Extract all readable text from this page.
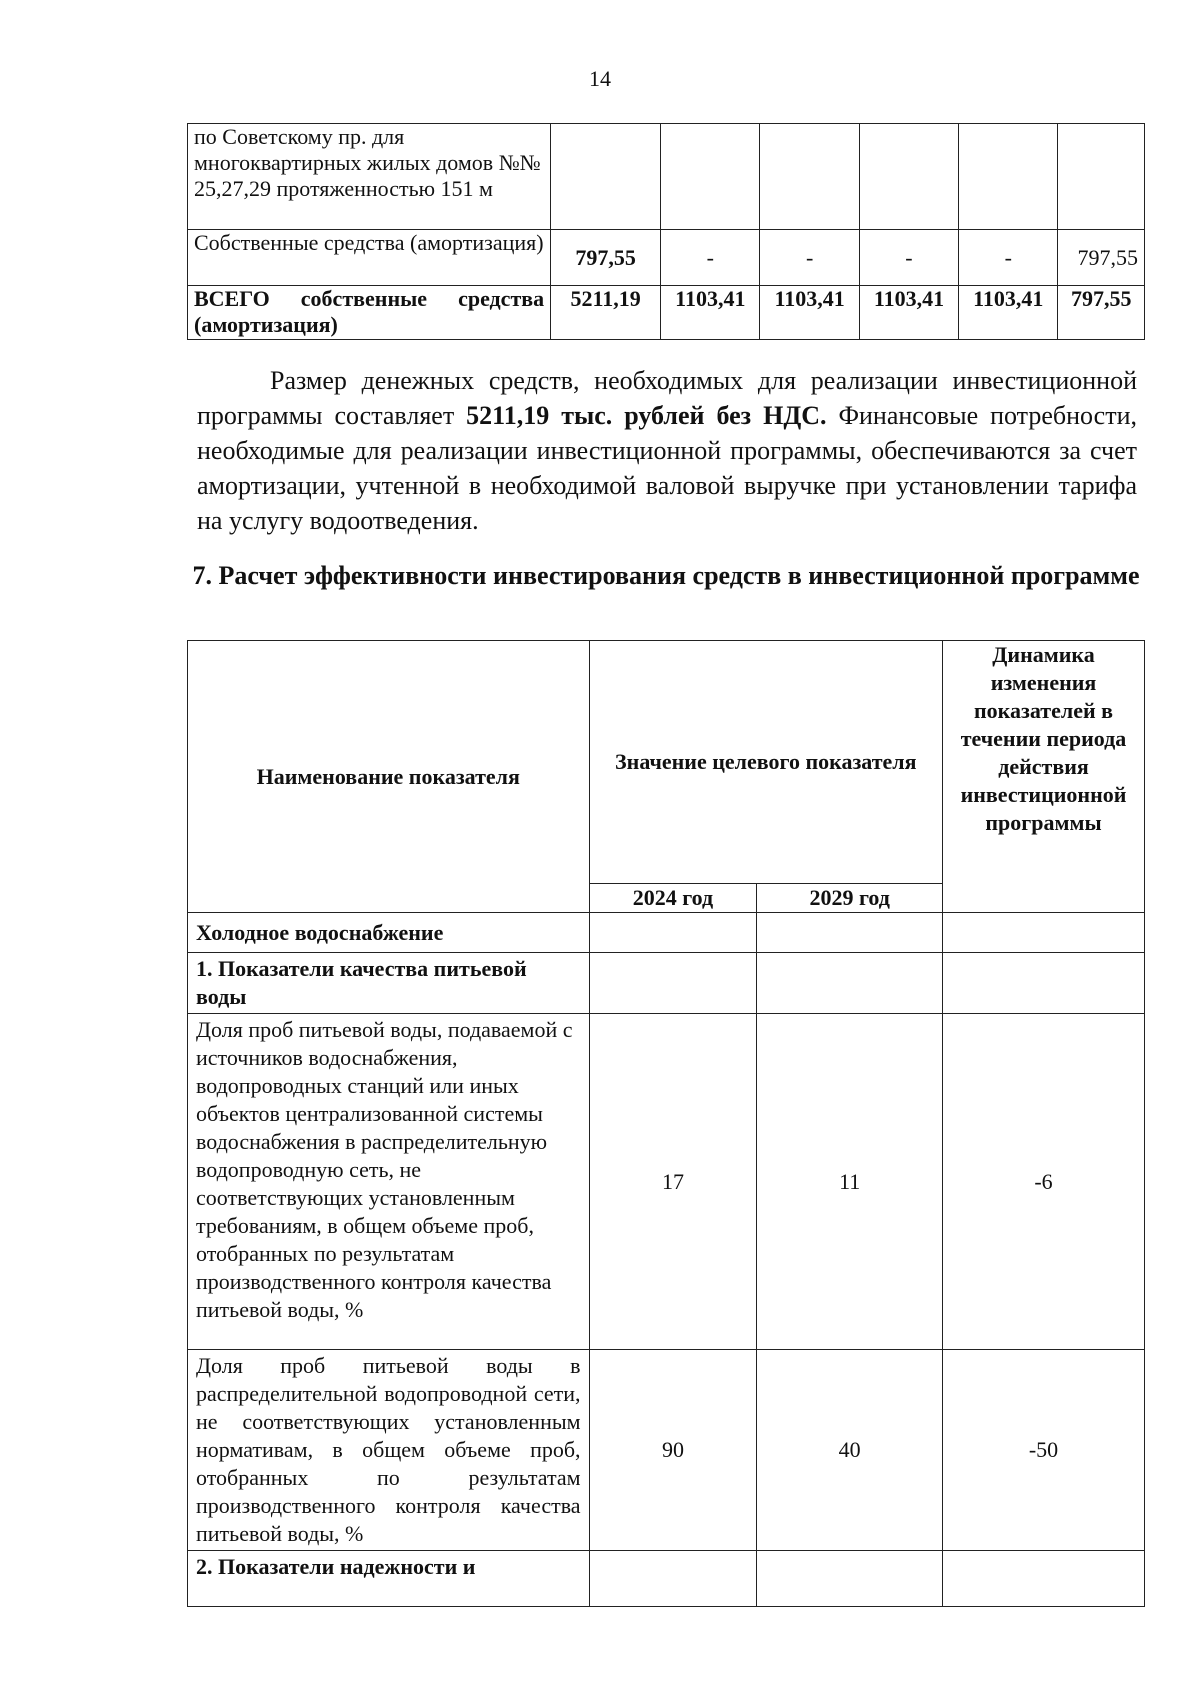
14
по Советскому пр. для многоквартирных жилых домов №№ 25,27,29 протяженностью 151 м						
Собственные средства (амортизация)	797,55	-	-	-	-	797,55
ВСЕГО собственные средства (амортизация)	5211,19	1103,41	1103,41	1103,41	1103,41	797,55

Размер денежных средств, необходимых для реализации инвестиционной программы составляет 5211,19 тыс. рублей без НДС. Финансовые потребности, необходимые для реализации инвестиционной программы, обеспечиваются за счет амортизации, учтенной в необходимой валовой выручке при установлении тарифа на услугу водоотведения.

7. Расчет эффективности инвестирования средств в инвестиционной программе
Наименование показателя	Значение целевого показателя		Динамика изменения показателей в течении периода действия инвестиционной программы
	2024 год	2029 год	
Холодное водоснабжение			
1. Показатели качества питьевой воды			
Доля проб питьевой воды, подаваемой с источников водоснабжения, водопроводных станций или иных объектов централизованной системы водоснабжения в распределительную водопроводную сеть, не соответствующих установленным требованиям, в общем объеме проб, отобранных по результатам производственного контроля качества питьевой воды, %	17	11	-6
Доля проб питьевой воды в распределительной водопроводной сети, не соответствующих установленным нормативам, в общем объеме проб, отобранных по результатам производственного контроля качества питьевой воды, %	90	40	-50
2. Показатели надежности и			
